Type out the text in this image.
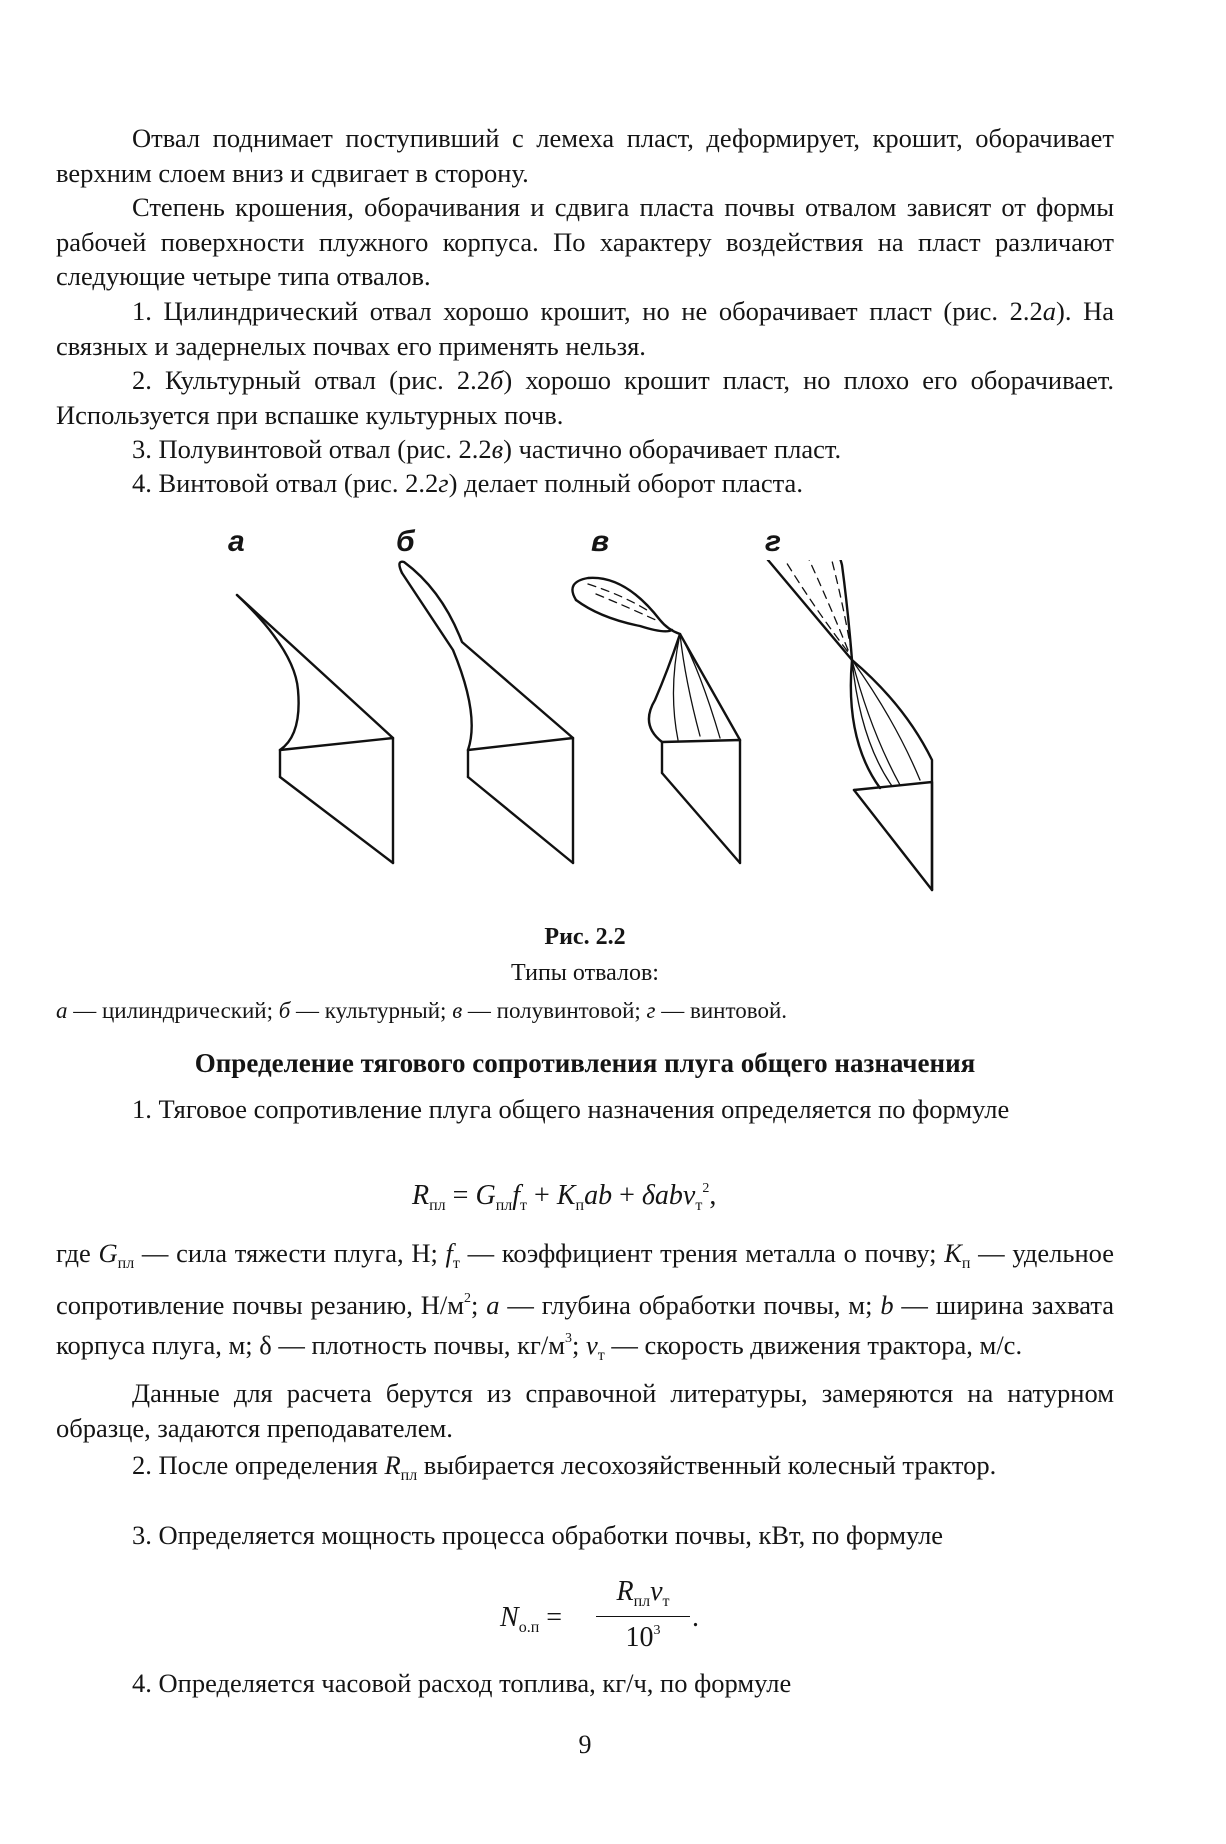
Отвал поднимает поступивший с лемеха пласт, деформирует, крошит, оборачивает верхним слоем вниз и сдвигает в сторону.

Степень крошения, оборачивания и сдвига пласта почвы отвалом зависят от формы рабочей поверхности плужного корпуса. По характеру воздействия на пласт различают следующие четыре типа отвалов.

1. Цилиндрический отвал хорошо крошит, но не оборачивает пласт (рис. 2.2а). На связных и задернелых почвах его применять нельзя.

2. Культурный отвал (рис. 2.2б) хорошо крошит пласт, но плохо его оборачивает. Используется при вспашке культурных почв.

3. Полувинтовой отвал (рис. 2.2в) частично оборачивает пласт.

4. Винтовой отвал (рис. 2.2г) делает полный оборот пласта.

а	б	в	г

Рис. 2.2

Типы отвалов:

а — цилиндрический; б — культурный; в — полувинтовой; г — винтовой.

Определение тягового сопротивления плуга общего назначения

1. Тяговое сопротивление плуга общего назначения определяется по формуле

$R_{пл} = G_{пл}f_т + K_пab + \delta abv_т^2$,

где $G_{пл}$ — сила тяжести плуга, Н; $f_т$ — коэффициент трения металла о почву; $K_п$ — удельное сопротивление почвы резанию, $Н/м^2$; a — глубина обработки почвы, м; b — ширина захвата корпуса плуга, м; δ — плотность почвы, $кг/м^3$; $v_т$ — скорость движения трактора, м/с.

Данные для расчета берутся из справочной литературы, замеряются на натурном образце, задаются преподавателем.

2. После определения $R_{пл}$ выбирается лесохозяйственный колесный трактор.

3. Определяется мощность процесса обработки почвы, кВт, по формуле

$N_{о.п}$ =
$R_{пл}v_т$
$10^3$	.

4. Определяется часовой расход топлива, кг/ч, по формуле

9
